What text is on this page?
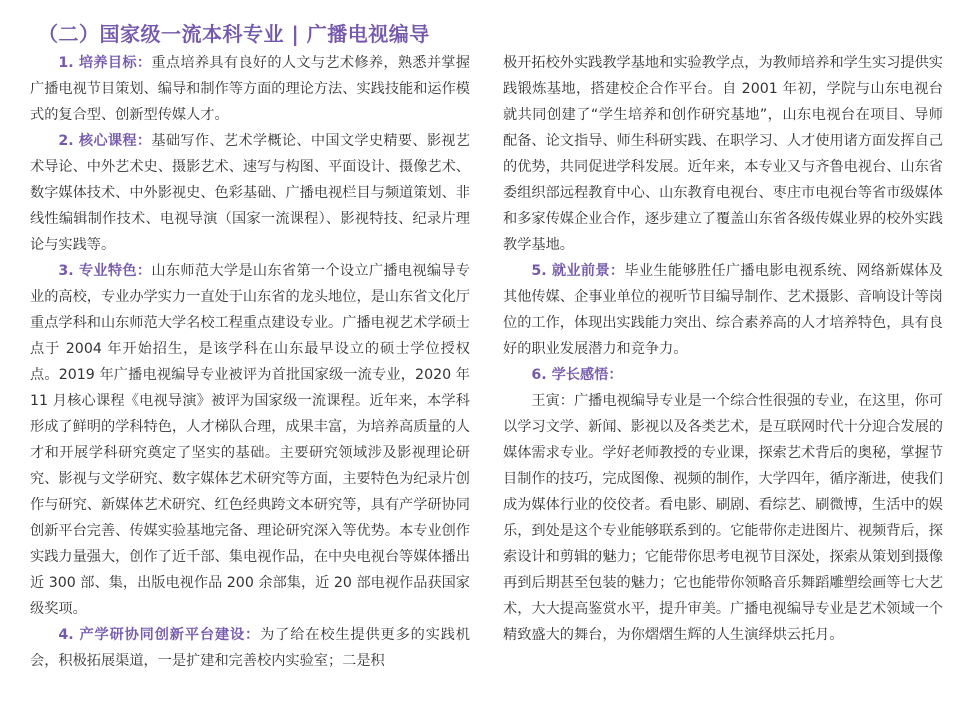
（二）国家级一流本科专业 | 广播电视编导

1. 培养目标：重点培养具有良好的人文与艺术修养，熟悉并掌握广播电视节目策划、编导和制作等方面的理论方法、实践技能和运作模式的复合型、创新型传媒人才。

2. 核心课程：基础写作、艺术学概论、中国文学史精要、影视艺术导论、中外艺术史、摄影艺术、速写与构图、平面设计、摄像艺术、数字媒体技术、中外影视史、色彩基础、广播电视栏目与频道策划、非线性编辑制作技术、电视导演（国家一流课程）、影视特技、纪录片理论与实践等。

3. 专业特色：山东师范大学是山东省第一个设立广播电视编导专业的高校，专业办学实力一直处于山东省的龙头地位，是山东省文化厅重点学科和山东师范大学名校工程重点建设专业。广播电视艺术学硕士点于 2004 年开始招生，是该学科在山东最早设立的硕士学位授权点。2019 年广播电视编导专业被评为首批国家级一流专业，2020 年 11 月核心课程《电视导演》被评为国家级一流课程。近年来，本学科形成了鲜明的学科特色，人才梯队合理，成果丰富，为培养高质量的人才和开展学科研究奠定了坚实的基础。主要研究领域涉及影视理论研究、影视与文学研究、数字媒体艺术研究等方面，主要特色为纪录片创作与研究、新媒体艺术研究、红色经典跨文本研究等，具有产学研协同创新平台完善、传媒实验基地完备、理论研究深入等优势。本专业创作实践力量强大，创作了近千部、集电视作品，在中央电视台等媒体播出近 300 部、集，出版电视作品 200 余部集，近 20 部电视作品获国家级奖项。

4. 产学研协同创新平台建设：为了给在校生提供更多的实践机会，积极拓展渠道，一是扩建和完善校内实验室；二是积

极开拓校外实践教学基地和实验教学点，为教师培养和学生实习提供实践锻炼基地，搭建校企合作平台。自 2001 年初，学院与山东电视台就共同创建了“学生培养和创作研究基地”，山东电视台在项目、导师配备、论文指导、师生科研实践、在职学习、人才使用诸方面发挥自己的优势，共同促进学科发展。近年来，本专业又与齐鲁电视台、山东省委组织部远程教育中心、山东教育电视台、枣庄市电视台等省市级媒体和多家传媒企业合作，逐步建立了覆盖山东省各级传媒业界的校外实践教学基地。

5. 就业前景：毕业生能够胜任广播电影电视系统、网络新媒体及其他传媒、企事业单位的视听节目编导制作、艺术摄影、音响设计等岗位的工作，体现出实践能力突出、综合素养高的人才培养特色，具有良好的职业发展潜力和竞争力。

6. 学长感悟：

王寅：广播电视编导专业是一个综合性很强的专业，在这里，你可以学习文学、新闻、影视以及各类艺术，是互联网时代十分迎合发展的媒体需求专业。学好老师教授的专业课，探索艺术背后的奥秘，掌握节目制作的技巧，完成图像、视频的制作，大学四年，循序渐进，使我们成为媒体行业的佼佼者。看电影、刷剧、看综艺、刷微博，生活中的娱乐，到处是这个专业能够联系到的。它能带你走进图片、视频背后，探索设计和剪辑的魅力；它能带你思考电视节目深处，探索从策划到摄像再到后期甚至包装的魅力；它也能带你领略音乐舞蹈雕塑绘画等七大艺术，大大提高鉴赏水平，提升审美。广播电视编导专业是艺术领域一个精致盛大的舞台，为你熠熠生辉的人生演绎烘云托月。
